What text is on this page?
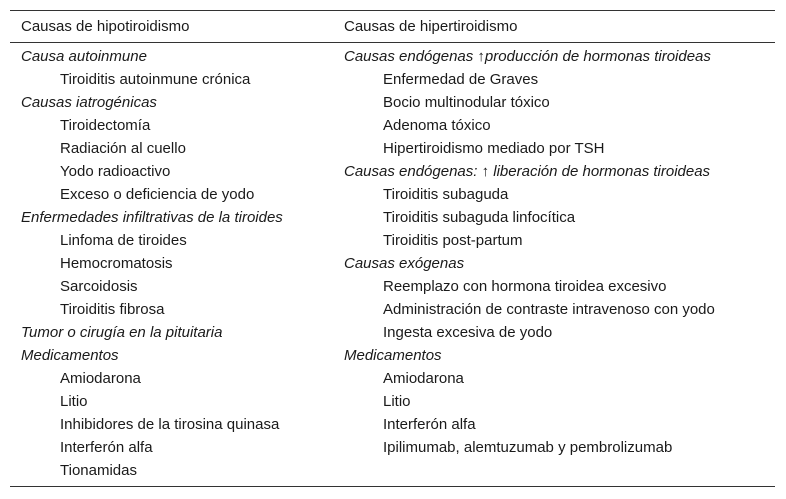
Causas de hipotiroidismo	Causas de hipertiroidismo
Causa autoinmune
Tiroiditis autoinmune crónica
Causas iatrogénicas
Tiroidectomía
Radiación al cuello
Yodo radioactivo
Exceso o deficiencia de yodo
Enfermedades infiltrativas de la tiroides
Linfoma de tiroides
Hemocromatosis
Sarcoidosis
Tiroiditis fibrosa
Tumor o cirugía en la pituitaria
Medicamentos
Amiodarona
Litio
Inhibidores de la tirosina quinasa
Interferón alfa
Tionamidas
Causas endógenas ↑producción de hormonas tiroideas
Enfermedad de Graves
Bocio multinodular tóxico
Adenoma tóxico
Hipertiroidismo mediado por TSH
Causas endógenas: ↑ liberación de hormonas tiroideas
Tiroiditis subaguda
Tiroiditis subaguda linfocítica
Tiroiditis post-partum
Causas exógenas
Reemplazo con hormona tiroidea excesivo
Administración de contraste intravenoso con yodo
Ingesta excesiva de yodo
Medicamentos
Amiodarona
Litio
Interferón alfa
Ipilimumab, alemtuzumab y pembrolizumab
